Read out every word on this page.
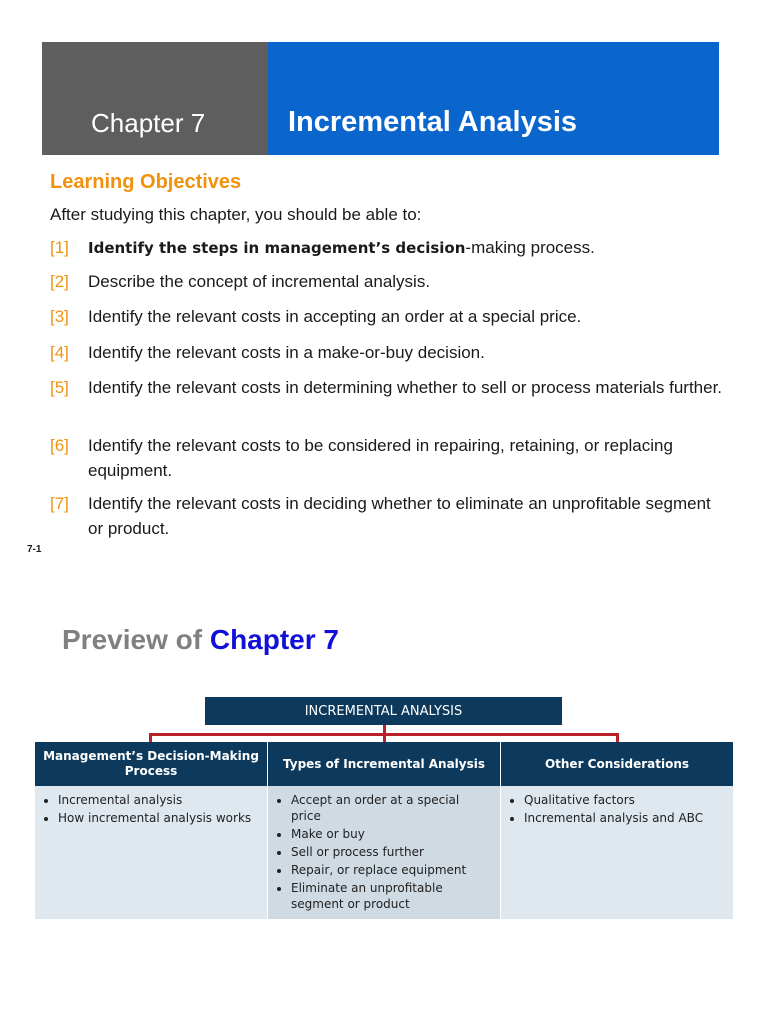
Chapter 7	Incremental Analysis
Learning Objectives
After studying this chapter, you should be able to:
[1]	Identify the steps in management’s decision-making process.
[2]	Describe the concept of incremental analysis.
[3]	Identify the relevant costs in accepting an order at a special price.
[4]	Identify the relevant costs in a make-or-buy decision.
[5]	Identify the relevant costs in determining whether to sell or process materials further.
[6]	Identify the relevant costs to be considered in repairing, retaining, or replacing equipment.
[7]	Identify the relevant costs in deciding whether to eliminate an unprofitable segment or product.
7-1
Preview of Chapter 7
INCREMENTAL ANALYSIS
Management’s Decision-Making Process
• Incremental analysis
• How incremental analysis works
Types of Incremental Analysis
• Accept an order at a special price
• Make or buy
• Sell or process further
• Repair, or replace equipment
• Eliminate an unprofitable segment or product
Other Considerations
• Qualitative factors
• Incremental analysis and ABC
